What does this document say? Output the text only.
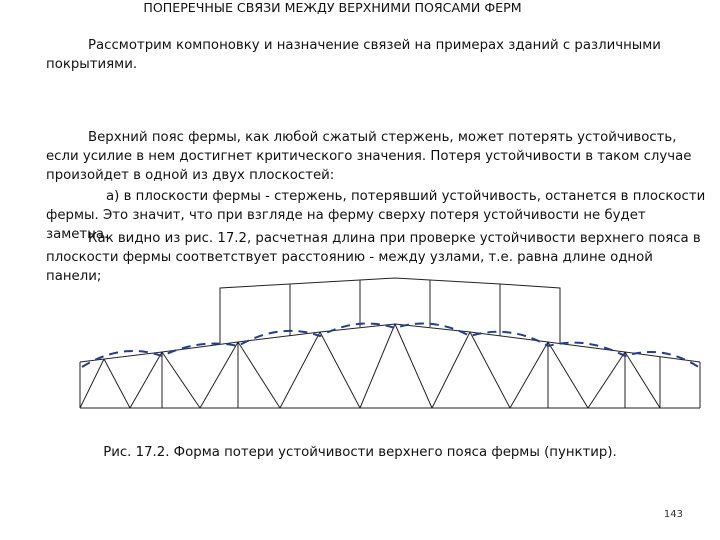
Рассмотрим компоновку и назначение связей на примерах зданий с различными покрытиями.

ПОПЕРЕЧНЫЕ СВЯЗИ МЕЖДУ ВЕРХНИМИ ПОЯСАМИ ФЕРМ

Верхний пояс фермы, как любой сжатый стержень, может потерять устойчивость, если усилие в нем достигнет критического значения. Потеря устойчивости в таком случае произойдет в одной из двух плоскостей:

а) в плоскости фермы - стержень, потерявший устойчивость, останется в плоскости фермы. Это значит, что при взгляде на ферму сверху потеря устойчивости не будет заметна.

Как видно из рис. 17.2, расчетная длина при проверке устойчивости верхнего пояса в плоскости фермы соответствует расстоянию - между узлами, т.е. равна длине одной панели;

Рис. 17.2. Форма потери устойчивости верхнего пояса фермы (пунктир).
143
